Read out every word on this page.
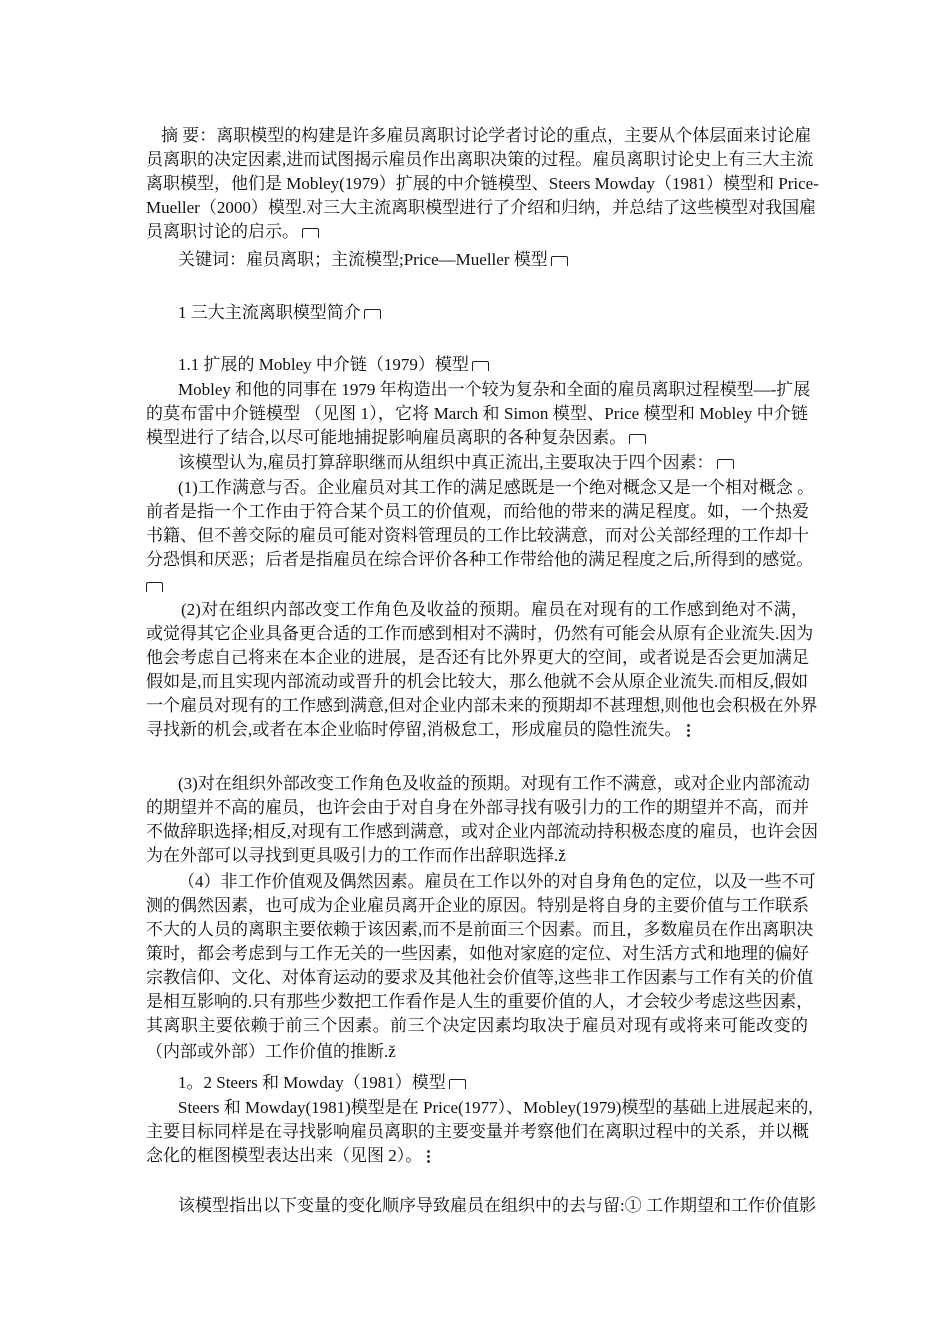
摘 要：离职模型的构建是许多雇员离职讨论学者讨论的重点，主要从个体层面来讨论雇
员离职的决定因素,进而试图揭示雇员作出离职决策的过程。雇员离职讨论史上有三大主流
离职模型，他们是 Mobley(1979）扩展的中介链模型、Steers Mowday（1981）模型和 Price-
Mueller（2000）模型.对三大主流离职模型进行了介绍和归纳，并总结了这些模型对我国雇
员离职讨论的启示。
关键词：雇员离职；主流模型;Price—Mueller 模型
1 三大主流离职模型简介
1.1 扩展的 Mobley 中介链（1979）模型
Mobley 和他的同事在 1979 年构造出一个较为复杂和全面的雇员离职过程模型—-扩展
的莫布雷中介链模型 （见图 1），它将 March 和 Simon 模型、Price 模型和 Mobley 中介链
模型进行了结合,以尽可能地捕捉影响雇员离职的各种复杂因素。
该模型认为,雇员打算辞职继而从组织中真正流出,主要取决于四个因素：
(1)工作满意与否。企业雇员对其工作的满足感既是一个绝对概念又是一个相对概念 。
前者是指一个工作由于符合某个员工的价值观，而给他的带来的满足程度。如，一个热爱
书籍、但不善交际的雇员可能对资料管理员的工作比较满意，而对公关部经理的工作却十
分恐惧和厌恶；后者是指雇员在综合评价各种工作带给他的满足程度之后,所得到的感觉。
(2)对在组织内部改变工作角色及收益的预期。雇员在对现有的工作感到绝对不满，
或觉得其它企业具备更合适的工作而感到相对不满时，仍然有可能会从原有企业流失.因为
他会考虑自己将来在本企业的进展，是否还有比外界更大的空间，或者说是否会更加满足
假如是,而且实现内部流动或晋升的机会比较大，那么他就不会从原企业流失.而相反,假如
一个雇员对现有的工作感到满意,但对企业内部未来的预期却不甚理想,则他也会积极在外界
寻找新的机会,或者在本企业临时停留,消极怠工，形成雇员的隐性流失。
(3)对在组织外部改变工作角色及收益的预期。对现有工作不满意，或对企业内部流动
的期望并不高的雇员，也许会由于对自身在外部寻找有吸引力的工作的期望并不高，而并
不做辞职选择;相反,对现有工作感到满意，或对企业内部流动持积极态度的雇员，也许会因
为在外部可以寻找到更具吸引力的工作而作出辞职选择.ž
（4）非工作价值观及偶然因素。雇员在工作以外的对自身角色的定位，以及一些不可
测的偶然因素，也可成为企业雇员离开企业的原因。特别是将自身的主要价值与工作联系
不大的人员的离职主要依赖于该因素,而不是前面三个因素。而且，多数雇员在作出离职决
策时，都会考虑到与工作无关的一些因素，如他对家庭的定位、对生活方式和地理的偏好
宗教信仰、文化、对体育运动的要求及其他社会价值等,这些非工作因素与工作有关的价值
是相互影响的.只有那些少数把工作看作是人生的重要价值的人，才会较少考虑这些因素，
其离职主要依赖于前三个因素。前三个决定因素均取决于雇员对现有或将来可能改变的
（内部或外部）工作价值的推断.ž
1。2 Steers 和 Mowday（1981）模型
Steers 和 Mowday(1981)模型是在 Price(1977）、Mobley(1979)模型的基础上进展起来的,
主要目标同样是在寻找影响雇员离职的主要变量并考察他们在离职过程中的关系，并以概
念化的框图模型表达出来（见图 2）。
该模型指出以下变量的变化顺序导致雇员在组织中的去与留:① 工作期望和工作价值影
